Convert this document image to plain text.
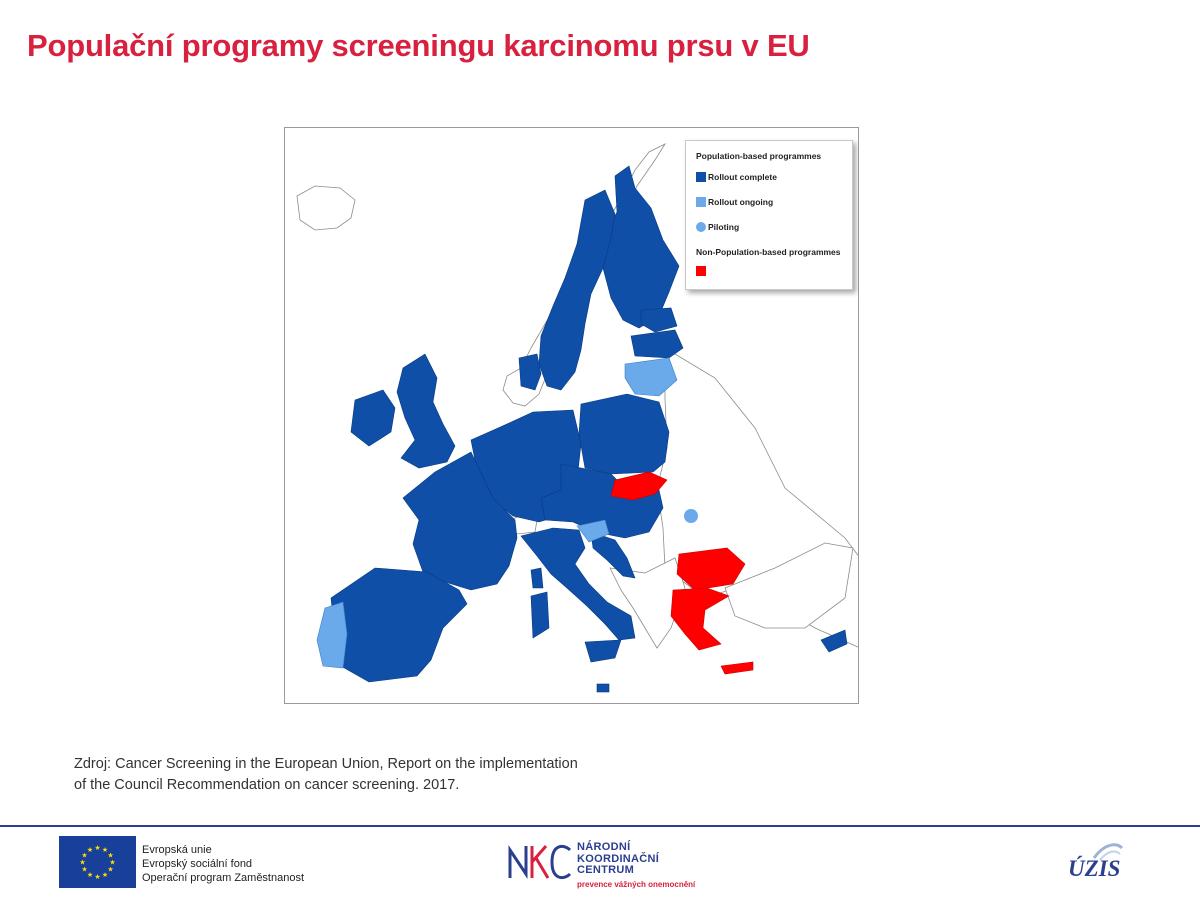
Populační programy screeningu karcinomu prsu v EU
Population-based programmes
Rollout complete
Rollout ongoing
Piloting
Non-Population-based programmes
Zdroj: Cancer Screening in the European Union, Report on the implementation
of the Council Recommendation on cancer screening. 2017.
★ ★
★
★
★
★
★
★
★
★
★
★	Evropská unie
Evropský sociální fond
Operační program Zaměstnanost
NÁRODNÍ
KOORDINAČNÍ
CENTRUM
prevence vážných onemocnění
ÚZIS
